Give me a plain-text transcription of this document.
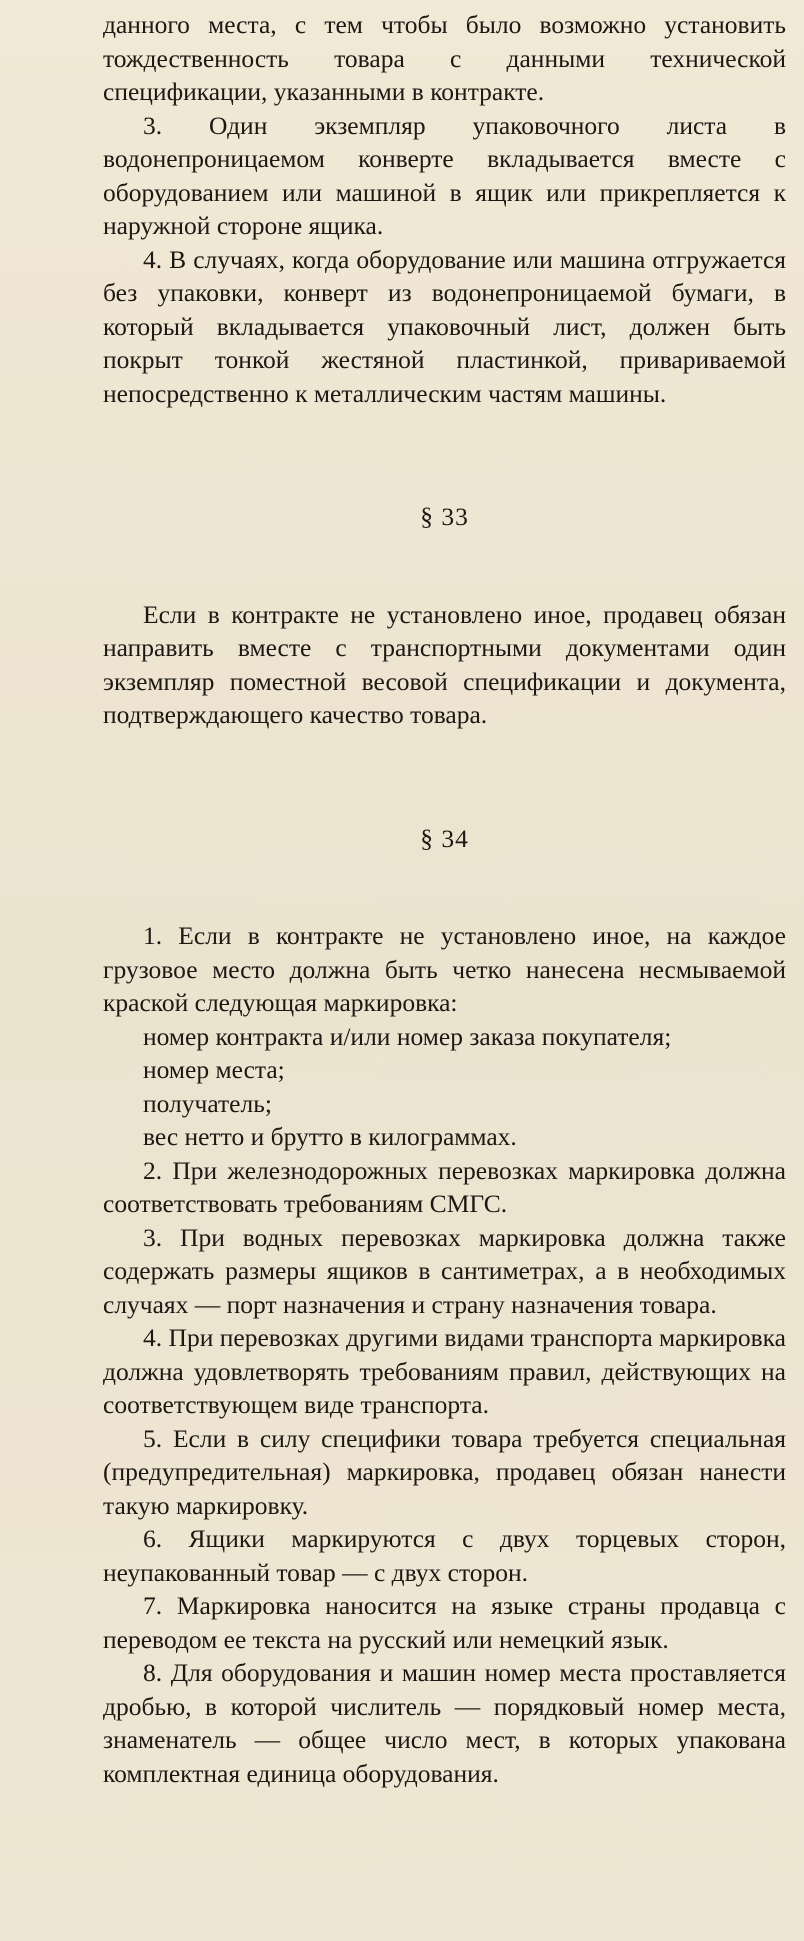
данного места, с тем чтобы было возможно установить тождественность товара с данными технической спецификации, указанными в контракте.

3. Один экземпляр упаковочного листа в водонепроницаемом конверте вкладывается вместе с оборудованием или машиной в ящик или прикрепляется к наружной стороне ящика.

4. В случаях, когда оборудование или машина отгружается без упаковки, конверт из водонепроницаемой бумаги, в который вкладывается упаковочный лист, должен быть покрыт тонкой жестяной пластинкой, привариваемой непосредственно к металлическим частям машины.

§ 33

Если в контракте не установлено иное, продавец обязан направить вместе с транспортными документами один экземпляр поместной весовой спецификации и документа, подтверждающего качество товара.

§ 34

1. Если в контракте не установлено иное, на каждое грузовое место должна быть четко нанесена несмываемой краской следующая маркировка:

номер контракта и/или номер заказа покупателя;

номер места;

получатель;

вес нетто и брутто в килограммах.

2. При железнодорожных перевозках маркировка должна соответствовать требованиям СМГС.

3. При водных перевозках маркировка должна также содержать размеры ящиков в сантиметрах, а в необходимых случаях — порт назначения и страну назначения товара.

4. При перевозках другими видами транспорта маркировка должна удовлетворять требованиям правил, действующих на соответствующем виде транспорта.

5. Если в силу специфики товара требуется специальная (предупредительная) маркировка, продавец обязан нанести такую маркировку.

6. Ящики маркируются с двух торцевых сторон, неупакованный товар — с двух сторон.

7. Маркировка наносится на языке страны продавца с переводом ее текста на русский или немецкий язык.

8. Для оборудования и машин номер места проставляется дробью, в которой числитель — порядковый номер места, знаменатель — общее число мест, в которых упакована комплектная единица оборудования.
